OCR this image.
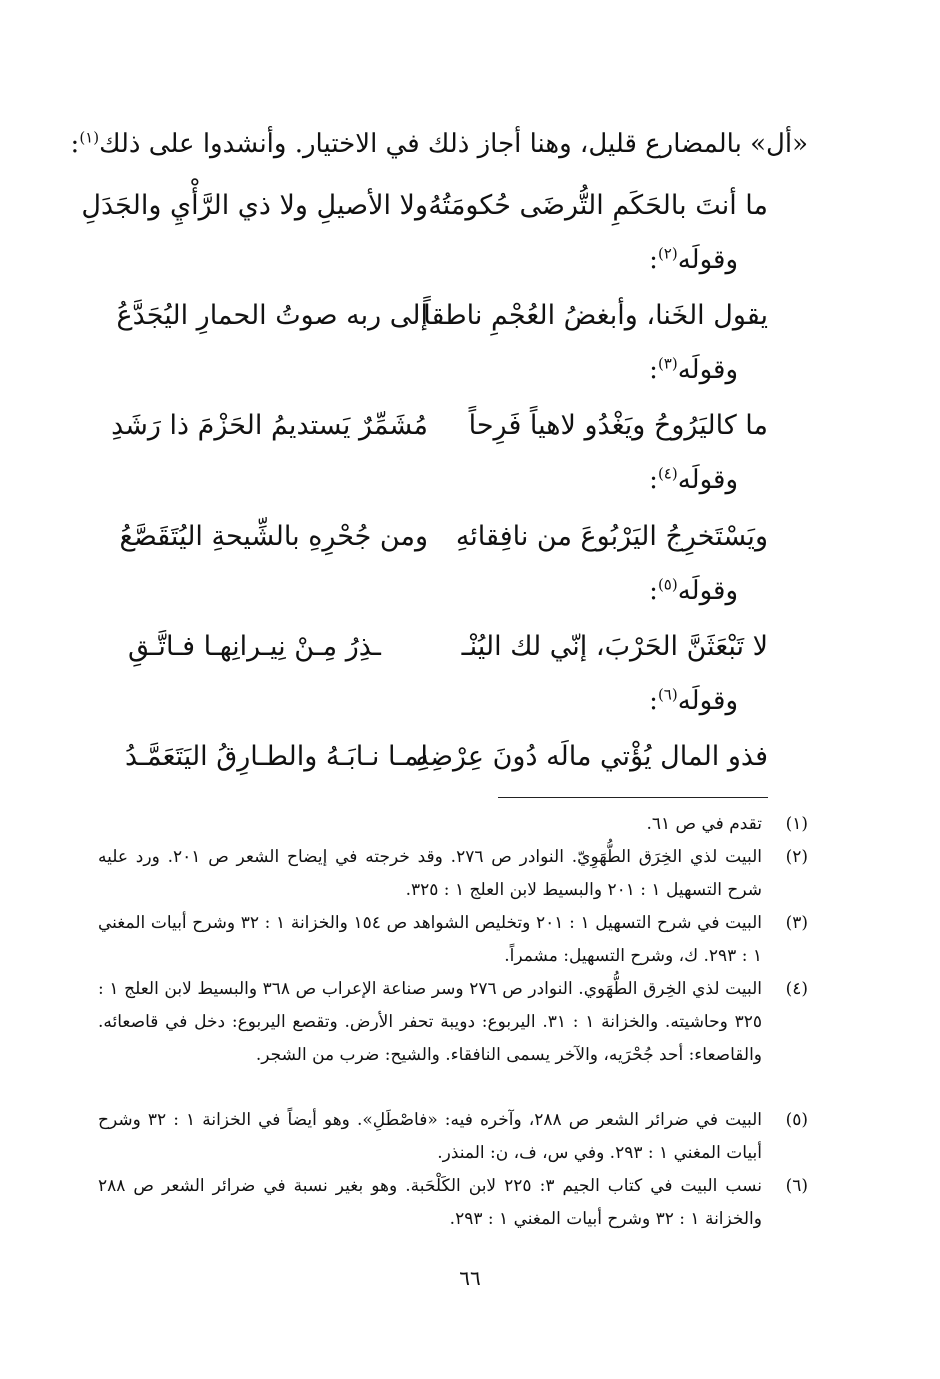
«أل» بالمضارع قليل، وهنا أجاز ذلك في الاختيار. وأنشدوا على ذلك$^{(١)}$:
ما أنتَ بالحَكَمِ التُّرضَى حُكومَتُهُ
ولا الأصيلِ ولا ذي الرَّأْيِ والجَدَلِ
وقولَه$^{(٢)}$:
يقول الخَنا، وأبغضُ العُجْمِ ناطقاً
إلى ربه صوتُ الحمارِ اليُجَدَّعُ
وقولَه$^{(٣)}$:
ما كاليَرُوحُ ويَغْدُو لاهياً فَرِحاً
مُشَمِّرٌ يَستديمُ الحَزْمَ ذا رَشَدِ
وقولَه$^{(٤)}$:
ويَسْتَخرِجُ اليَرْبُوعَ من نافِقائهِ
ومن جُحْرِهِ بالشِّيحةِ اليُتَقَصَّعُ
وقولَه$^{(٥)}$:
لا تَبْعَثَنَّ الحَرْبَ، إنّي لك اليُنْـ
ـذِرُ مِـنْ نِيـرانِهـا فـاتَّـقِ
وقولَه$^{(٦)}$:
فذو المال يُؤْتي مالَه دُونَ عِرْضِهِ
لِمـا نـابَـهُ والطـارِقُ اليَتَعَمَّـدُ
(١)
تقدم في ص ٦١.
(٢)
البيت لذي الخِرَق الطُّهَوِيّ. النوادر ص ٢٧٦. وقد خرجته في إيضاح الشعر ص ٢٠١. ورد عليه شرح التسهيل ١ : ٢٠١ والبسيط لابن العلج ١ : ٣٢٥.
(٣)
البيت في شرح التسهيل ١ : ٢٠١ وتخليص الشواهد ص ١٥٤ والخزانة ١ : ٣٢ وشرح أبيات المغني ١ : ٢٩٣. ك، وشرح التسهيل: مشمراً.
(٤)
البيت لذي الخِرق الطُّهَوي. النوادر ص ٢٧٦ وسر صناعة الإعراب ص ٣٦٨ والبسيط لابن العلج ١ : ٣٢٥ وحاشيته. والخزانة ١ : ٣١. اليربوع: دويبة تحفر الأرض. وتقصع اليربوع: دخل في قاصعائه. والقاصعاء: أحد جُحْرَيه، والآخر يسمى النافقاء. والشيح: ضرب من الشجر.
(٥)
البيت في ضرائر الشعر ص ٢٨٨، وآخره فيه: «فاصْطَلِ». وهو أيضاً في الخزانة ١ : ٣٢ وشرح أبيات المغني ١ : ٢٩٣. وفي س، ف، ن: المنذر.
(٦)
نسب البيت في كتاب الجيم ٣: ٢٢٥ لابن الكَلْحَبة. وهو بغير نسبة في ضرائر الشعر ص ٢٨٨ والخزانة ١ : ٣٢ وشرح أبيات المغني ١ : ٢٩٣.
٦٦
